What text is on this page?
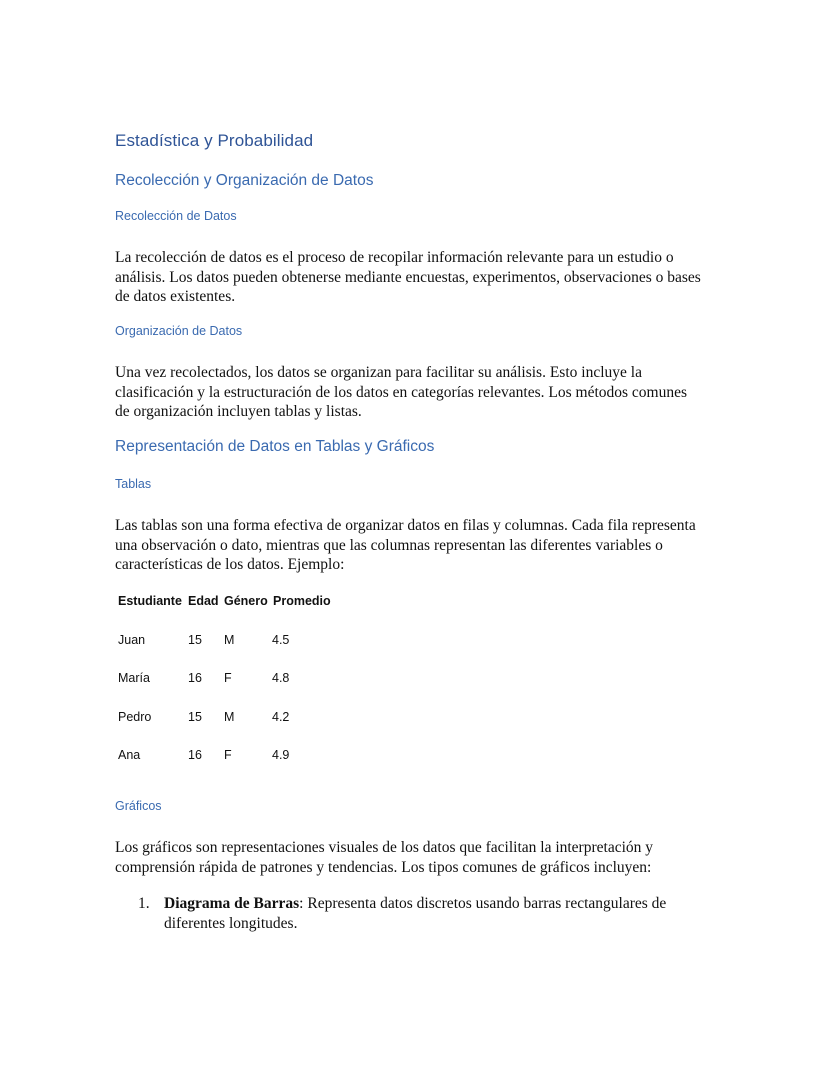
Estadística y Probabilidad
Recolección y Organización de Datos
Recolección de Datos

La recolección de datos es el proceso de recopilar información relevante para un estudio o análisis. Los datos pueden obtenerse mediante encuestas, experimentos, observaciones o bases de datos existentes.

Organización de Datos

Una vez recolectados, los datos se organizan para facilitar su análisis. Esto incluye la clasificación y la estructuración de los datos en categorías relevantes. Los métodos comunes de organización incluyen tablas y listas.

Representación de Datos en Tablas y Gráficos
Tablas

Las tablas son una forma efectiva de organizar datos en filas y columnas. Cada fila representa una observación o dato, mientras que las columnas representan las diferentes variables o características de los datos. Ejemplo:

Estudiante Edad Género Promedio
Juan	15 M	4.5
María	16 F	4.8
Pedro	15 M	4.2
Ana	16 F	4.9
Gráficos

Los gráficos son representaciones visuales de los datos que facilitan la interpretación y comprensión rápida de patrones y tendencias. Los tipos comunes de gráficos incluyen:

1. Diagrama de Barras: Representa datos discretos usando barras rectangulares de diferentes longitudes.
